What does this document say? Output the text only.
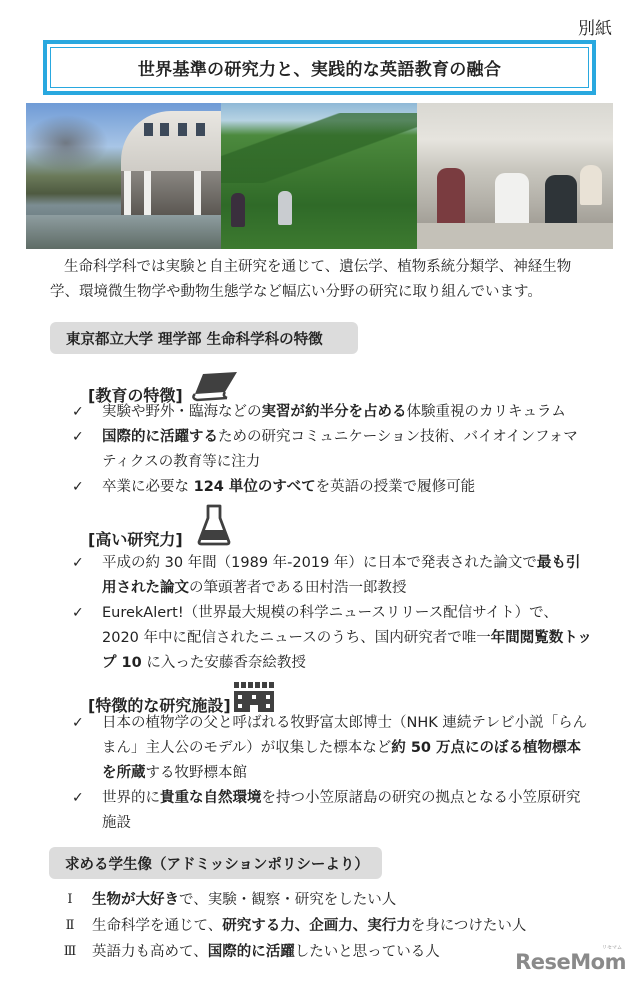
別紙
世界基準の研究力と、実践的な英語教育の融合

生命科学科では実験と自主研究を通じて、遺伝学、植物系統分類学、神経生物学、環境微生物学や動物生態学など幅広い分野の研究に取り組んでいます。

東京都立大学 理学部 生命科学科の特徴
[教育の特徴]
✓ 実験や野外・臨海などの実習が約半分を占める体験重視のカリキュラム
✓ 国際的に活躍するための研究コミュニケーション技術、バイオインフォマティクスの教育等に注力
✓ 卒業に必要な 124 単位のすべてを英語の授業で履修可能
[高い研究力]
✓ 平成の約 30 年間（1989 年-2019 年）に日本で発表された論文で最も引用された論文の筆頭著者である田村浩一郎教授
✓ EurekAlert!（世界最大規模の科学ニュースリリース配信サイト）で、2020 年中に配信されたニュースのうち、国内研究者で唯一年間閲覧数トップ 10 に入った安藤香奈絵教授
[特徴的な研究施設]
✓ 日本の植物学の父と呼ばれる牧野富太郎博士（NHK 連続テレビ小説「らんまん」主人公のモデル）が収集した標本など約 50 万点にのぼる植物標本を所蔵する牧野標本館
✓ 世界的に貴重な自然環境を持つ小笠原諸島の研究の拠点となる小笠原研究施設
求める学生像（アドミッションポリシーより）
Ⅰ	生物が大好きで、実験・観察・研究をしたい人
Ⅱ	生命科学を通じて、研究する力、企画力、実行力を身につけたい人
Ⅲ 英語力も高めて、国際的に活躍したいと思っている人	ReseMom
リセマム
